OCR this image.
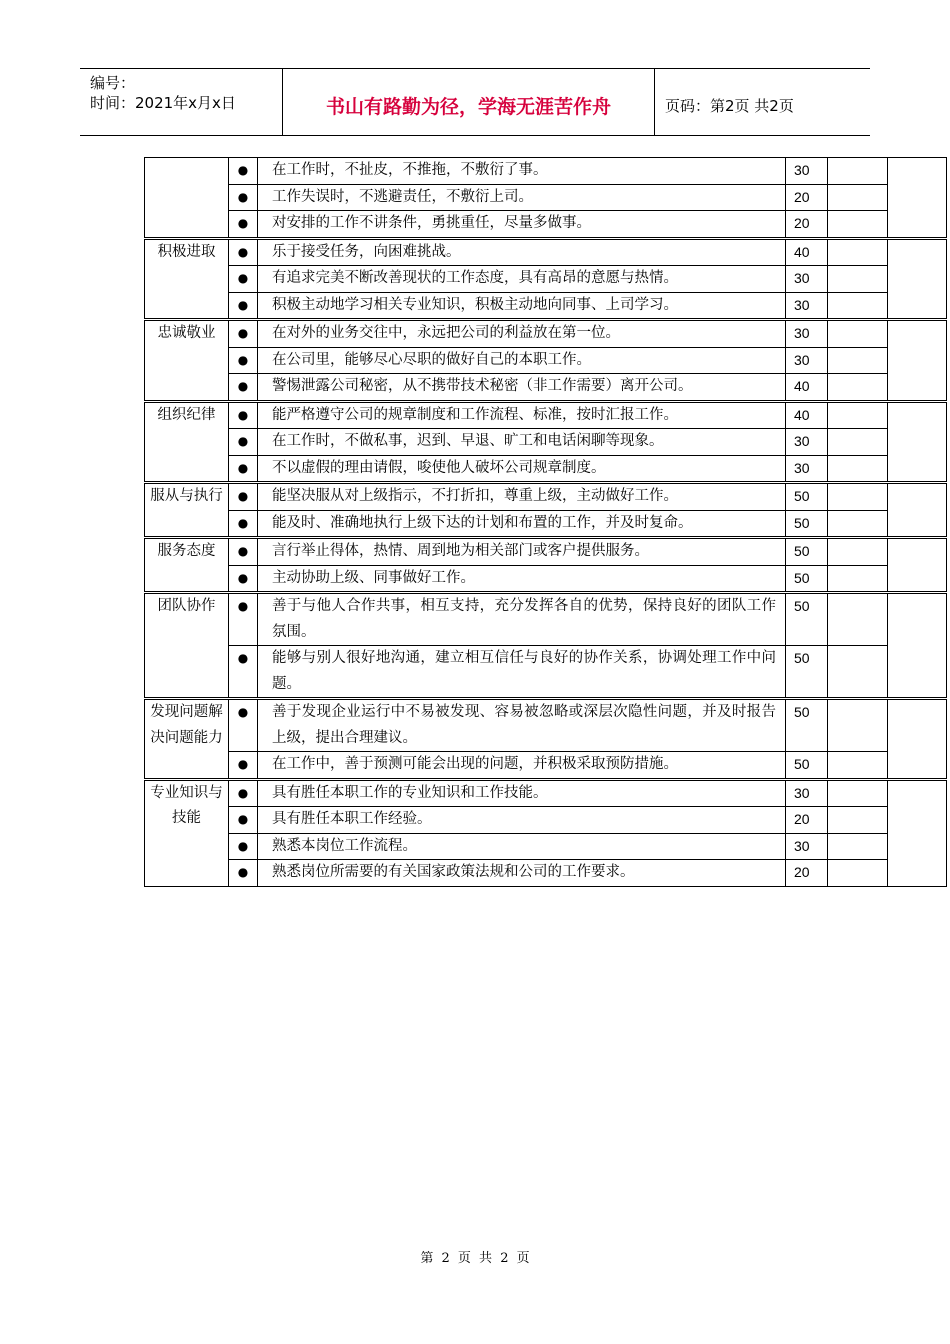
编号：
时间：2021年x月x日	书山有路勤为径，学海无涯苦作舟	页码：第2页 共2页
	●	在工作时，不扯皮，不推拖，不敷衍了事。	30		
	●	工作失误时，不逃避责任，不敷衍上司。	20		
	●	对安排的工作不讲条件，勇挑重任，尽量多做事。	20		
积极进取	●	乐于接受任务，向困难挑战。	40		
	●	有追求完美不断改善现状的工作态度，具有高昂的意愿与热情。	30		
	●	积极主动地学习相关专业知识，积极主动地向同事、上司学习。	30		
忠诚敬业	●	在对外的业务交往中，永远把公司的利益放在第一位。	30		
	●	在公司里，能够尽心尽职的做好自己的本职工作。	30		
	●	警惕泄露公司秘密，从不携带技术秘密（非工作需要）离开公司。	40		
组织纪律	●	能严格遵守公司的规章制度和工作流程、标准，按时汇报工作。	40		
	●	在工作时，不做私事，迟到、早退、旷工和电话闲聊等现象。	30		
	●	不以虚假的理由请假，唆使他人破坏公司规章制度。	30		
服从与执行	●	能坚决服从对上级指示，不打折扣，尊重上级，主动做好工作。	50		
	●	能及时、准确地执行上级下达的计划和布置的工作，并及时复命。	50		
服务态度	●	言行举止得体，热情、周到地为相关部门或客户提供服务。	50		
	●	主动协助上级、同事做好工作。	50		
团队协作	●	善于与他人合作共事，相互支持，充分发挥各自的优势，保持良好的团队工作氛围。	50		
	●	能够与别人很好地沟通，建立相互信任与良好的协作关系，协调处理工作中问题。	50		
发现问题解决问题能力	●	善于发现企业运行中不易被发现、容易被忽略或深层次隐性问题，并及时报告上级，提出合理建议。	50		
	●	在工作中，善于预测可能会出现的问题，并积极采取预防措施。	50		
专业知识与技能	●	具有胜任本职工作的专业知识和工作技能。	30		
	●	具有胜任本职工作经验。	20		
	●	熟悉本岗位工作流程。	30		
	●	熟悉岗位所需要的有关国家政策法规和公司的工作要求。	20		
第 2 页 共 2 页
